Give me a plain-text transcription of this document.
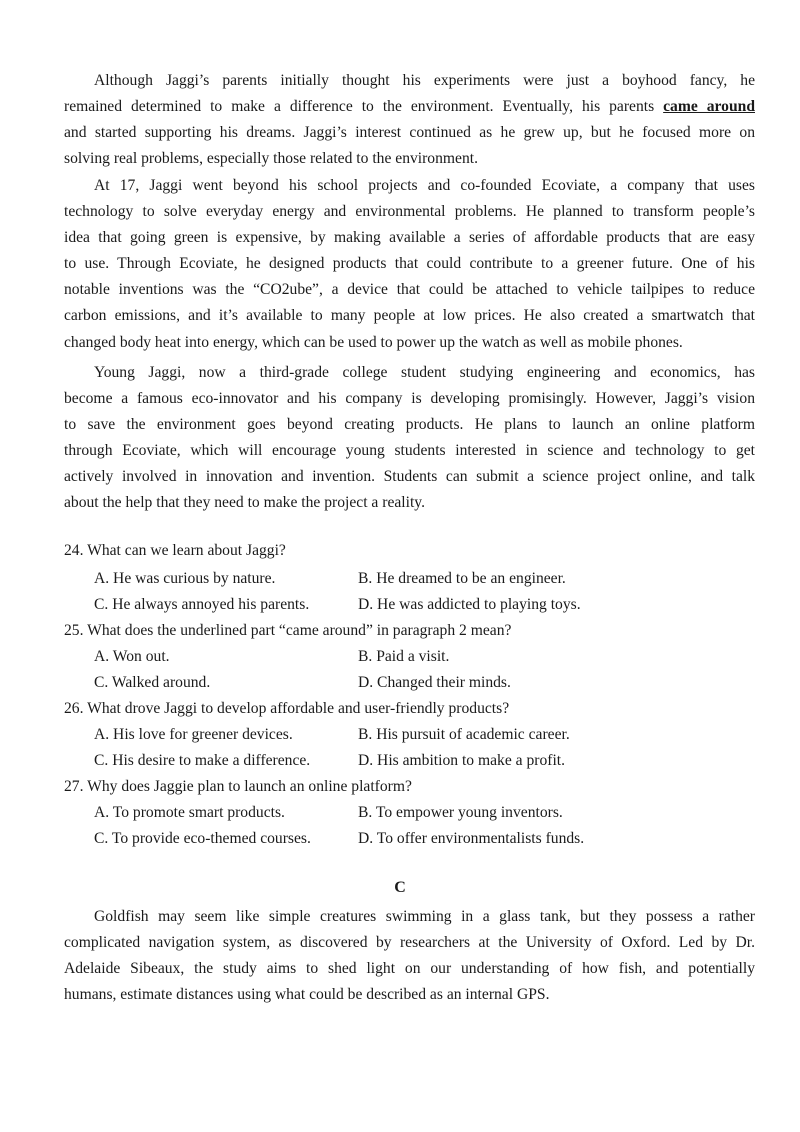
Although Jaggi’s parents initially thought his experiments were just a boyhood fancy, he
remained determined to make a difference to the environment. Eventually, his parents came around
and started supporting his dreams. Jaggi’s interest continued as he grew up, but he focused more on
solving real problems, especially those related to the environment.
At 17, Jaggi went beyond his school projects and co-founded Ecoviate, a company that uses
technology to solve everyday energy and environmental problems. He planned to transform people’s
idea that going green is expensive, by making available a series of affordable products that are easy
to use. Through Ecoviate, he designed products that could contribute to a greener future. One of his
notable inventions was the “CO2ube”, a device that could be attached to vehicle tailpipes to reduce
carbon emissions, and it’s available to many people at low prices. He also created a smartwatch that
changed body heat into energy, which can be used to power up the watch as well as mobile phones.
Young Jaggi, now a third-grade college student studying engineering and economics, has
become a famous eco-innovator and his company is developing promisingly. However, Jaggi’s vision
to save the environment goes beyond creating products. He plans to launch an online platform
through Ecoviate, which will encourage young students interested in science and technology to get
actively involved in innovation and invention. Students can submit a science project online, and talk
about the help that they need to make the project a reality.
24. What can we learn about Jaggi?
A. He was curious by nature.	B. He dreamed to be an engineer.
C. He always annoyed his parents.	D. He was addicted to playing toys.
25. What does the underlined part “came around” in paragraph 2 mean?
A. Won out.	B. Paid a visit.
C. Walked around.	D. Changed their minds.
26. What drove Jaggi to develop affordable and user-friendly products?
A. His love for greener devices.	B. His pursuit of academic career.
C. His desire to make a difference.	D. His ambition to make a profit.
27. Why does Jaggie plan to launch an online platform?
A. To promote smart products.	B. To empower young inventors.
C. To provide eco-themed courses.	D. To offer environmentalists funds.
C
Goldfish may seem like simple creatures swimming in a glass tank, but they possess a rather
complicated navigation system, as discovered by researchers at the University of Oxford. Led by Dr.
Adelaide Sibeaux, the study aims to shed light on our understanding of how fish, and potentially
humans, estimate distances using what could be described as an internal GPS.
